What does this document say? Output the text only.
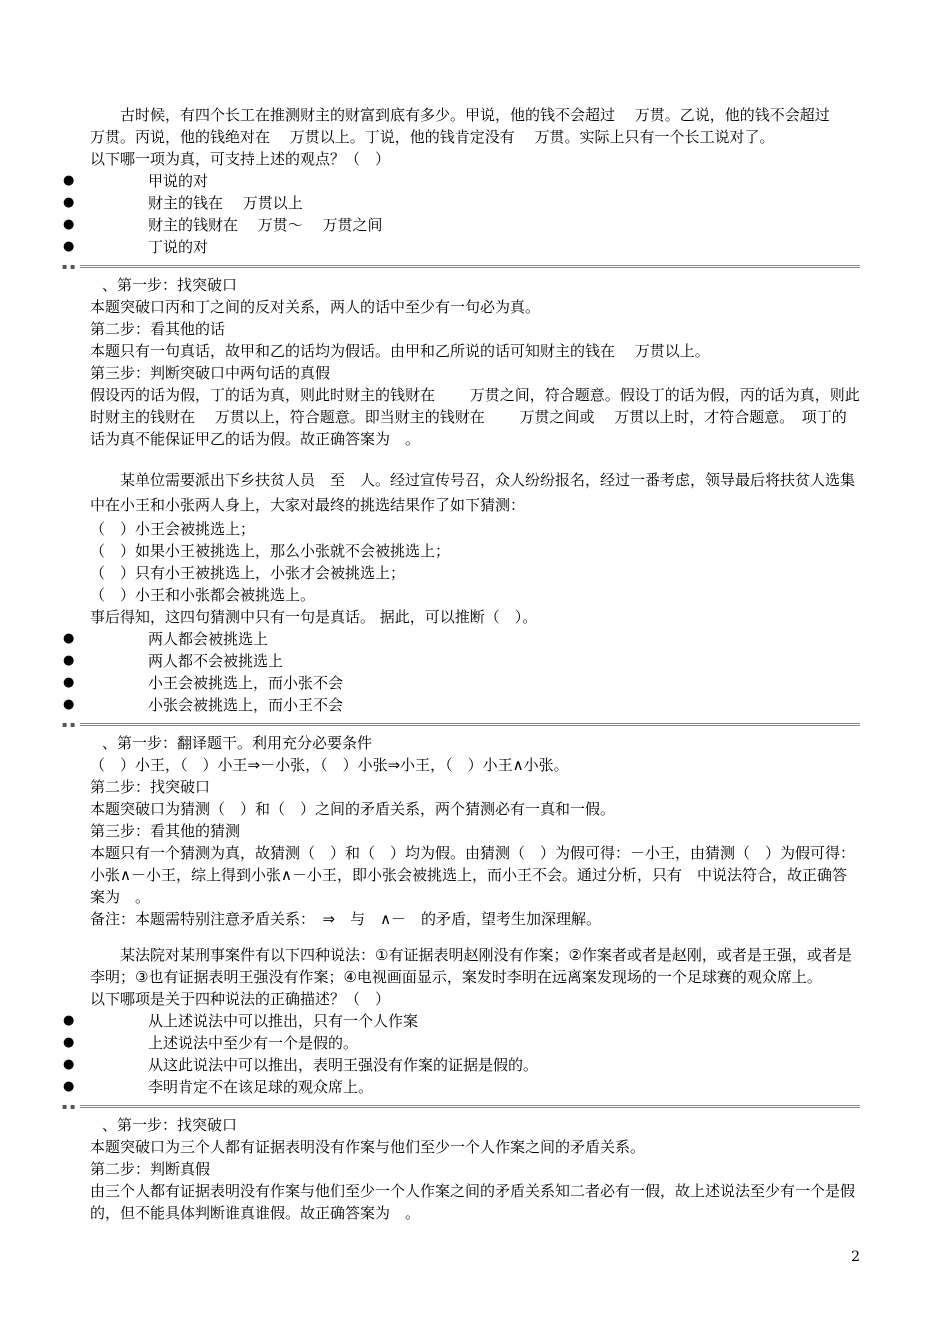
古时候，有四个长工在推测财主的财富到底有多少。甲说，他的钱不会超过　 万贯。乙说，他的钱不会超过　 万贯。丙说，他的钱绝对在　 万贯以上。丁说，他的钱肯定没有　 万贯。实际上只有一个长工说对了。

以下哪一项为真，可支持上述的观点？（　）

●	甲说的对
●	财主的钱在　 万贯以上
●	财主的钱财在　 万贯～　 万贯之间
●	丁说的对
▪ ▪

、第一步：找突破口

本题突破口丙和丁之间的反对关系，两人的话中至少有一句必为真。

第二步：看其他的话

本题只有一句真话，故甲和乙的话均为假话。由甲和乙所说的话可知财主的钱在　 万贯以上。

第三步：判断突破口中两句话的真假

假设丙的话为假，丁的话为真，则此时财主的钱财在　　 万贯之间，符合题意。假设丁的话为假，丙的话为真，则此时财主的钱财在　 万贯以上，符合题意。即当财主的钱财在　　 万贯之间或　 万贯以上时，才符合题意。　项丁的话为真不能保证甲乙的话为假。故正确答案为　。

某单位需要派出下乡扶贫人员　至　人。经过宣传号召，众人纷纷报名，经过一番考虑，领导最后将扶贫人选集中在小王和小张两人身上，大家对最终的挑选结果作了如下猜测：

（　）小王会被挑选上；

（　）如果小王被挑选上，那么小张就不会被挑选上；

（　）只有小王被挑选上，小张才会被挑选上；

（　）小王和小张都会被挑选上。

事后得知，这四句猜测中只有一句是真话。 据此，可以推断（　）。

●	两人都会被挑选上
●	两人都不会被挑选上
●	小王会被挑选上，而小张不会
●	小张会被挑选上，而小王不会
▪ ▪

、第一步：翻译题干。利用充分必要条件

（　）小王，（　）小王⇒－小张，（　）小张⇒小王，（　）小王∧小张。

第二步：找突破口

本题突破口为猜测（　）和（　）之间的矛盾关系，两个猜测必有一真和一假。

第三步：看其他的猜测

本题只有一个猜测为真，故猜测（　）和（　）均为假。由猜测（　）为假可得：－小王，由猜测（　）为假可得：小张∧－小王，综上得到小张∧－小王，即小张会被挑选上，而小王不会。通过分析，只有　中说法符合，故正确答案为　。

备注：本题需特别注意矛盾关系：　⇒　与　∧－　的矛盾，望考生加深理解。

某法院对某刑事案件有以下四种说法：①有证据表明赵刚没有作案；②作案者或者是赵刚，或者是王强，或者是李明；③也有证据表明王强没有作案；④电视画面显示，案发时李明在远离案发现场的一个足球赛的观众席上。

以下哪项是关于四种说法的正确描述？（　）

●	从上述说法中可以推出，只有一个人作案
●	上述说法中至少有一个是假的。
●	从这此说法中可以推出，表明王强没有作案的证据是假的。
●	李明肯定不在该足球的观众席上。
▪ ▪

、第一步：找突破口

本题突破口为三个人都有证据表明没有作案与他们至少一个人作案之间的矛盾关系。

第二步：判断真假

由三个人都有证据表明没有作案与他们至少一个人作案之间的矛盾关系知二者必有一假，故上述说法至少有一个是假的，但不能具体判断谁真谁假。故正确答案为　。

2
